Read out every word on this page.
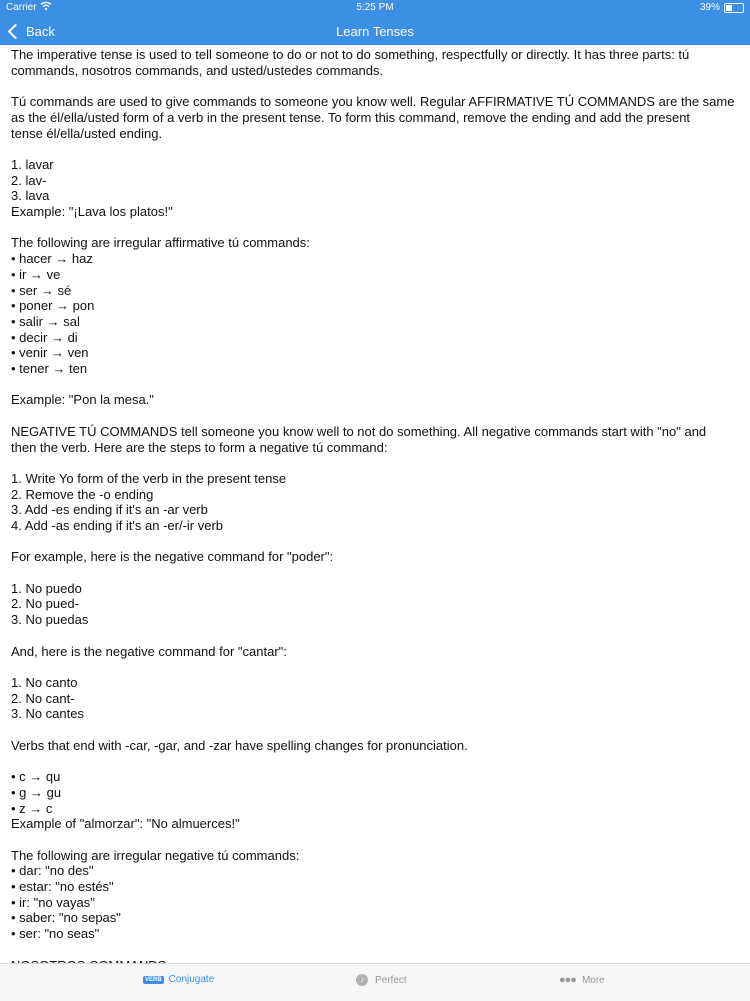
Carrier	5:25 PM	39%
Back	Learn Tenses

The imperative tense is used to tell someone to do or not to do something, respectfully or directly. It has three parts: tú

commands, nosotros commands, and usted/ustedes commands.

Tú commands are used to give commands to someone you know well. Regular AFFIRMATIVE TÚ COMMANDS are the same

as the él/ella/usted form of a verb in the present tense. To form this command, remove the ending and add the present

tense él/ella/usted ending.

1. lavar

2. lav-

3. lava

Example: "¡Lava los platos!"

The following are irregular affirmative tú commands:

• hacer → haz

• ir → ve

• ser → sé

• poner → pon

• salir → sal

• decir → di

• venir → ven

• tener → ten

Example: "Pon la mesa."

NEGATIVE TÚ COMMANDS tell someone you know well to not do something. All negative commands start with "no" and

then the verb. Here are the steps to form a negative tú command:

1. Write Yo form of the verb in the present tense

2. Remove the -o ending

3. Add -es ending if it's an -ar verb

4. Add -as ending if it's an -er/-ir verb

For example, here is the negative command for "poder":

1. No puedo

2. No pued-

3. No puedas

And, here is the negative command for "cantar":

1. No canto

2. No cant-

3. No cantes

Verbs that end with -car, -gar, and -zar have spelling changes for pronunciation.

• c → qu

• g → gu

• z → c

Example of "almorzar": "No almuerces!"

The following are irregular negative tú commands:

• dar: "no des"

• estar: "no estés"

• ir: "no vayas"

• saber: "no sepas"

• ser: "no seas"

VERB Conjugate	♪	Perfect	●●● More
